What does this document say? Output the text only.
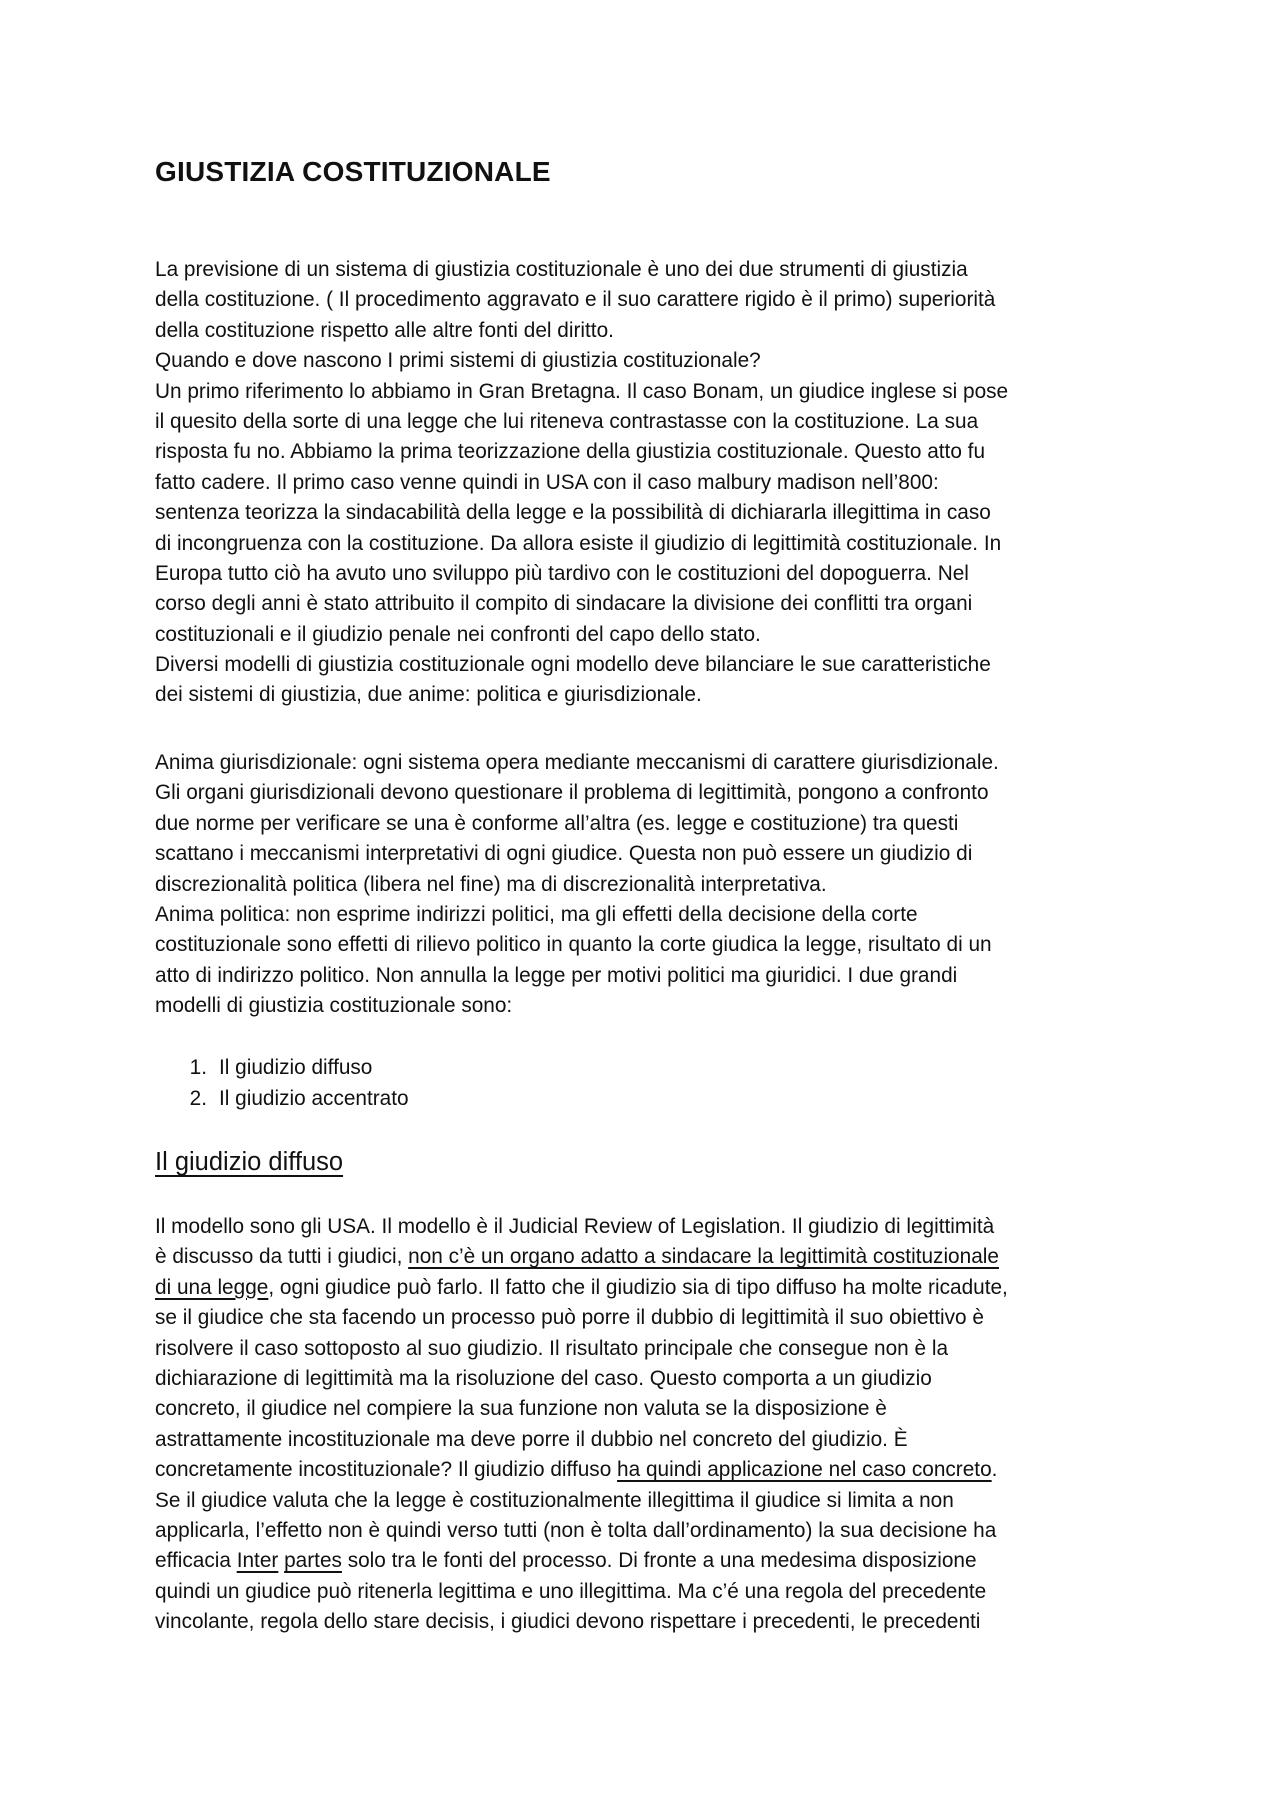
GIUSTIZIA COSTITUZIONALE
La previsione di un sistema di giustizia costituzionale è uno dei due strumenti di giustizia
della costituzione. ( Il procedimento aggravato e il suo carattere rigido è il primo) superiorità
della costituzione rispetto alle altre fonti del diritto.
Quando e dove nascono I primi sistemi di giustizia costituzionale?
Un primo riferimento lo abbiamo in Gran Bretagna. Il caso Bonam, un giudice inglese si pose
il quesito della sorte di una legge che lui riteneva contrastasse con la costituzione. La sua
risposta fu no. Abbiamo la prima teorizzazione della giustizia costituzionale. Questo atto fu
fatto cadere. Il primo caso venne quindi in USA con il caso malbury madison nell’800:
sentenza teorizza la sindacabilità della legge e la possibilità di dichiararla illegittima in caso
di incongruenza con la costituzione. Da allora esiste il giudizio di legittimità costituzionale. In
Europa tutto ciò ha avuto uno sviluppo più tardivo con le costituzioni del dopoguerra. Nel
corso degli anni è stato attribuito il compito di sindacare la divisione dei conflitti tra organi
costituzionali e il giudizio penale nei confronti del capo dello stato.
Diversi modelli di giustizia costituzionale ogni modello deve bilanciare le sue caratteristiche
dei sistemi di giustizia, due anime: politica e giurisdizionale.
Anima giurisdizionale: ogni sistema opera mediante meccanismi di carattere giurisdizionale.
Gli organi giurisdizionali devono questionare il problema di legittimità, pongono a confronto
due norme per verificare se una è conforme all’altra (es. legge e costituzione) tra questi
scattano i meccanismi interpretativi di ogni giudice. Questa non può essere un giudizio di
discrezionalità politica (libera nel fine) ma di discrezionalità interpretativa.
Anima politica: non esprime indirizzi politici, ma gli effetti della decisione della corte
costituzionale sono effetti di rilievo politico in quanto la corte giudica la legge, risultato di un
atto di indirizzo politico. Non annulla la legge per motivi politici ma giuridici. I due grandi
modelli di giustizia costituzionale sono:
1. Il giudizio diffuso
2. Il giudizio accentrato
Il giudizio diffuso
Il modello sono gli USA. Il modello è il Judicial Review of Legislation. Il giudizio di legittimità
è discusso da tutti i giudici, non c’è un organo adatto a sindacare la legittimità costituzionale
di una legge, ogni giudice può farlo. Il fatto che il giudizio sia di tipo diffuso ha molte ricadute,
se il giudice che sta facendo un processo può porre il dubbio di legittimità il suo obiettivo è
risolvere il caso sottoposto al suo giudizio. Il risultato principale che consegue non è la
dichiarazione di legittimità ma la risoluzione del caso. Questo comporta a un giudizio
concreto, il giudice nel compiere la sua funzione non valuta se la disposizione è
astrattamente incostituzionale ma deve porre il dubbio nel concreto del giudizio. È
concretamente incostituzionale? Il giudizio diffuso ha quindi applicazione nel caso concreto.
Se il giudice valuta che la legge è costituzionalmente illegittima il giudice si limita a non
applicarla, l’effetto non è quindi verso tutti (non è tolta dall’ordinamento) la sua decisione ha
efficacia Inter partes solo tra le fonti del processo. Di fronte a una medesima disposizione
quindi un giudice può ritenerla legittima e uno illegittima. Ma c’é una regola del precedente
vincolante, regola dello stare decisis, i giudici devono rispettare i precedenti, le precedenti
